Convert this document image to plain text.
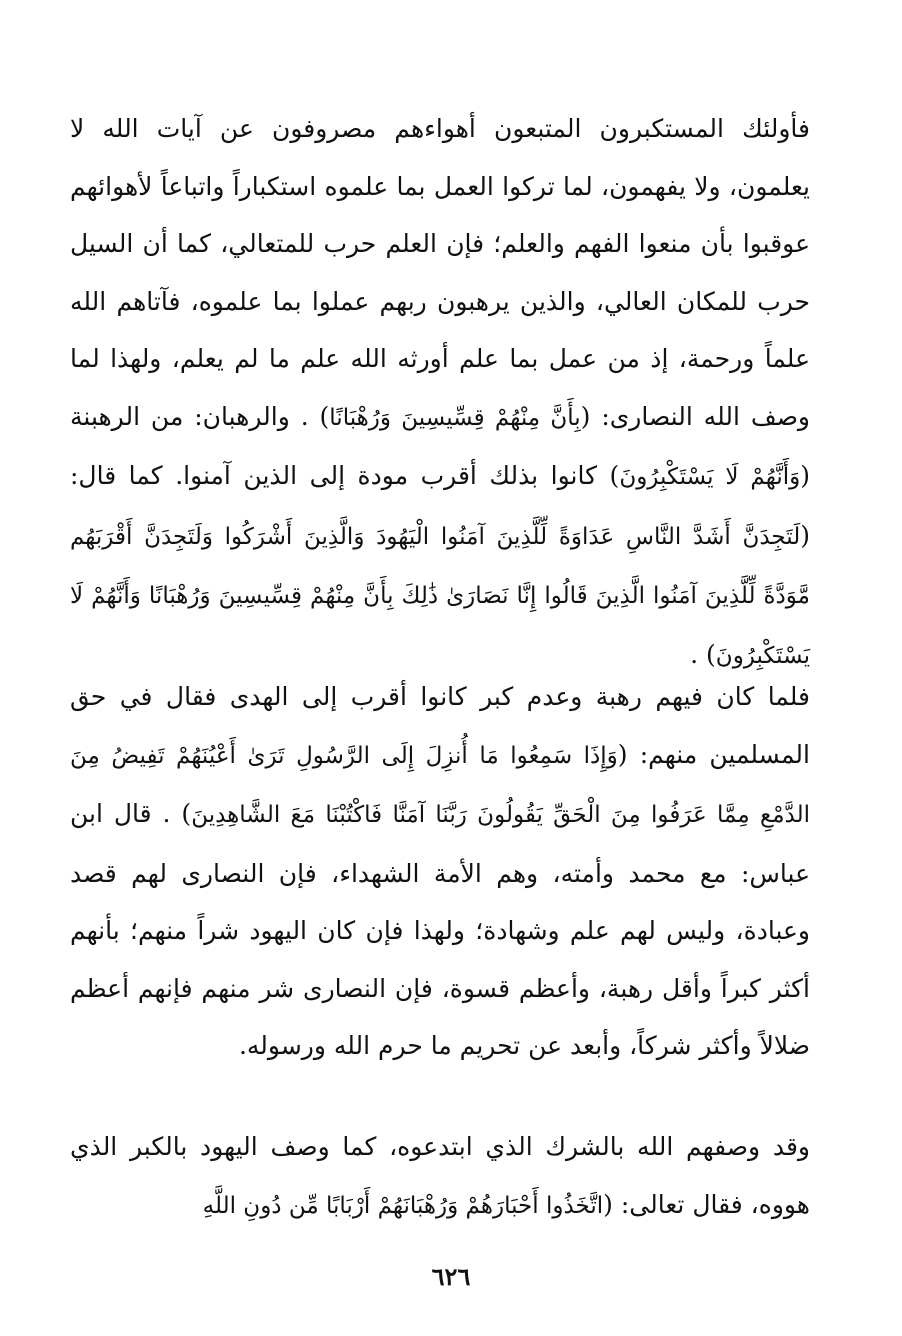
فأولئك المستكبرون المتبعون أهواءهم مصروفون عن آيات الله لا يعلمون، ولا يفهمون، لما تركوا العمل بما علموه استكباراً واتباعاً لأهوائهم عوقبوا بأن منعوا الفهم والعلم؛ فإن العلم حرب للمتعالي، كما أن السيل حرب للمكان العالي، والذين يرهبون ربهم عملوا بما علموه، فآتاهم الله علماً ورحمة، إذ من عمل بما علم أورثه الله علم ما لم يعلم، ولهذا لما وصف الله النصارى: (بِأَنَّ مِنْهُمْ قِسِّيسِينَ وَرُهْبَانًا) . والرهبان: من الرهبنة (وَأَنَّهُمْ لَا يَسْتَكْبِرُونَ) كانوا بذلك أقرب مودة إلى الذين آمنوا. كما قال: (لَتَجِدَنَّ أَشَدَّ النَّاسِ عَدَاوَةً لِّلَّذِينَ آمَنُوا الْيَهُودَ وَالَّذِينَ أَشْرَكُوا وَلَتَجِدَنَّ أَقْرَبَهُم مَّوَدَّةً لِّلَّذِينَ آمَنُوا الَّذِينَ قَالُوا إِنَّا نَصَارَىٰ ذَٰلِكَ بِأَنَّ مِنْهُمْ قِسِّيسِينَ وَرُهْبَانًا وَأَنَّهُمْ لَا يَسْتَكْبِرُونَ) .

فلما كان فيهم رهبة وعدم كبر كانوا أقرب إلى الهدى فقال في حق المسلمين منهم: (وَإِذَا سَمِعُوا مَا أُنزِلَ إِلَى الرَّسُولِ تَرَىٰ أَعْيُنَهُمْ تَفِيضُ مِنَ الدَّمْعِ مِمَّا عَرَفُوا مِنَ الْحَقِّ يَقُولُونَ رَبَّنَا آمَنَّا فَاكْتُبْنَا مَعَ الشَّاهِدِينَ) . قال ابن عباس: مع محمد وأمته، وهم الأمة الشهداء، فإن النصارى لهم قصد وعبادة، وليس لهم علم وشهادة؛ ولهذا فإن كان اليهود شراً منهم؛ بأنهم أكثر كبراً وأقل رهبة، وأعظم قسوة، فإن النصارى شر منهم فإنهم أعظم ضلالاً وأكثر شركاً، وأبعد عن تحريم ما حرم الله ورسوله.

وقد وصفهم الله بالشرك الذي ابتدعوه، كما وصف اليهود بالكبر الذي هووه، فقال تعالى: (اتَّخَذُوا أَحْبَارَهُمْ وَرُهْبَانَهُمْ أَرْبَابًا مِّن دُونِ اللَّهِ

٦٢٦
